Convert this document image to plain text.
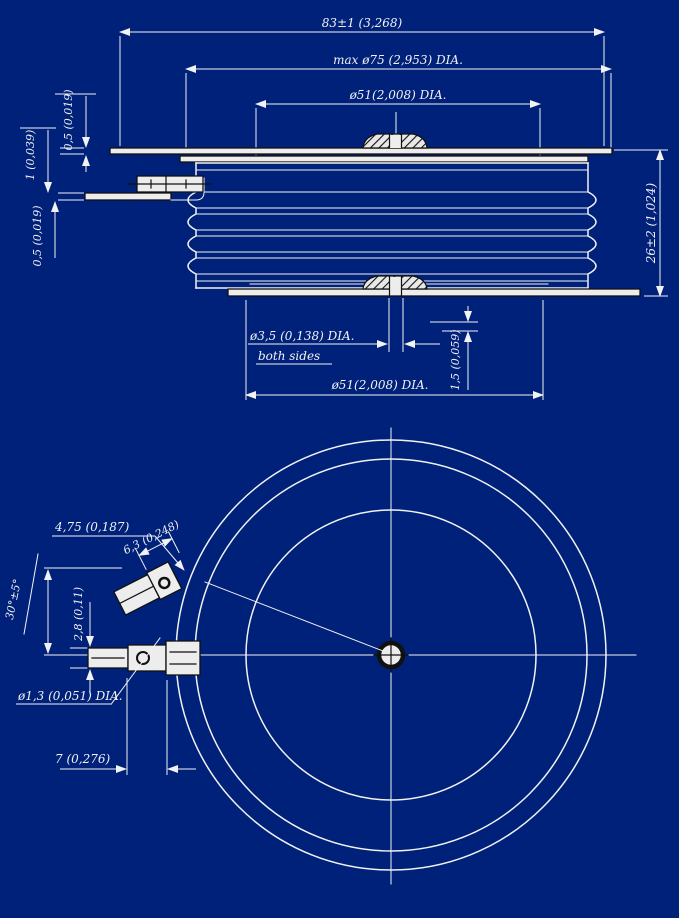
83±1 (3,268)
max ø75 (2,953) DIA.
ø51(2,008) DIA.
26±2 (1,024)
0,5 (0,019)
1 (0,039)
0,5 (0,019)
ø3,5 (0,138) DIA.
both sides	1,5 (0,059)
ø51(2,008) DIA.
6,3 (0,248)
4,75 (0,187)
30°±5°	2,8 (0,11)
ø1,3 (0,051) DIA.
7 (0,276)
